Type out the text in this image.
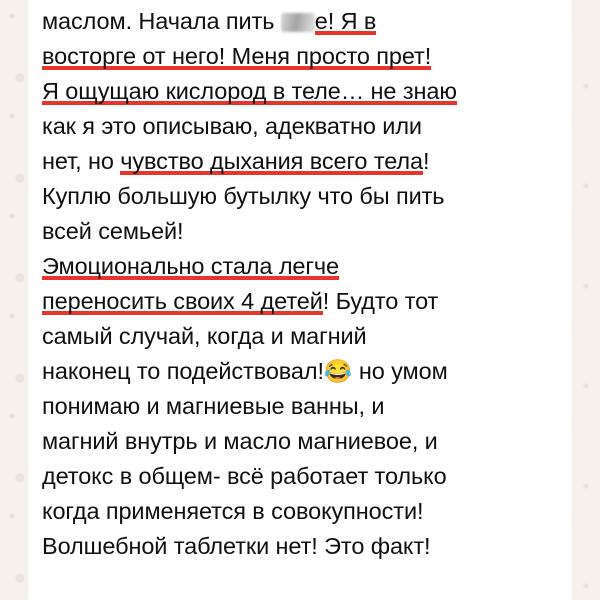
маслом. Начала пить е! Я в
восторге от него! Меня просто прет!
Я ощущаю кислород в теле… не знаю
как я это описываю, адекватно или
нет, но чувство дыхания всего тела!
Куплю большую бутылку что бы пить
всей семьей!
Эмоционально стала легче
переносить своих 4 детей! Будто тот
самый случай, когда и магний
наконец то подействовал!😂 но умом
понимаю и магниевые ванны, и
магний внутрь и масло магниевое, и
детокс в общем- всё работает только
когда применяется в совокупности!
Волшебной таблетки нет! Это факт!
